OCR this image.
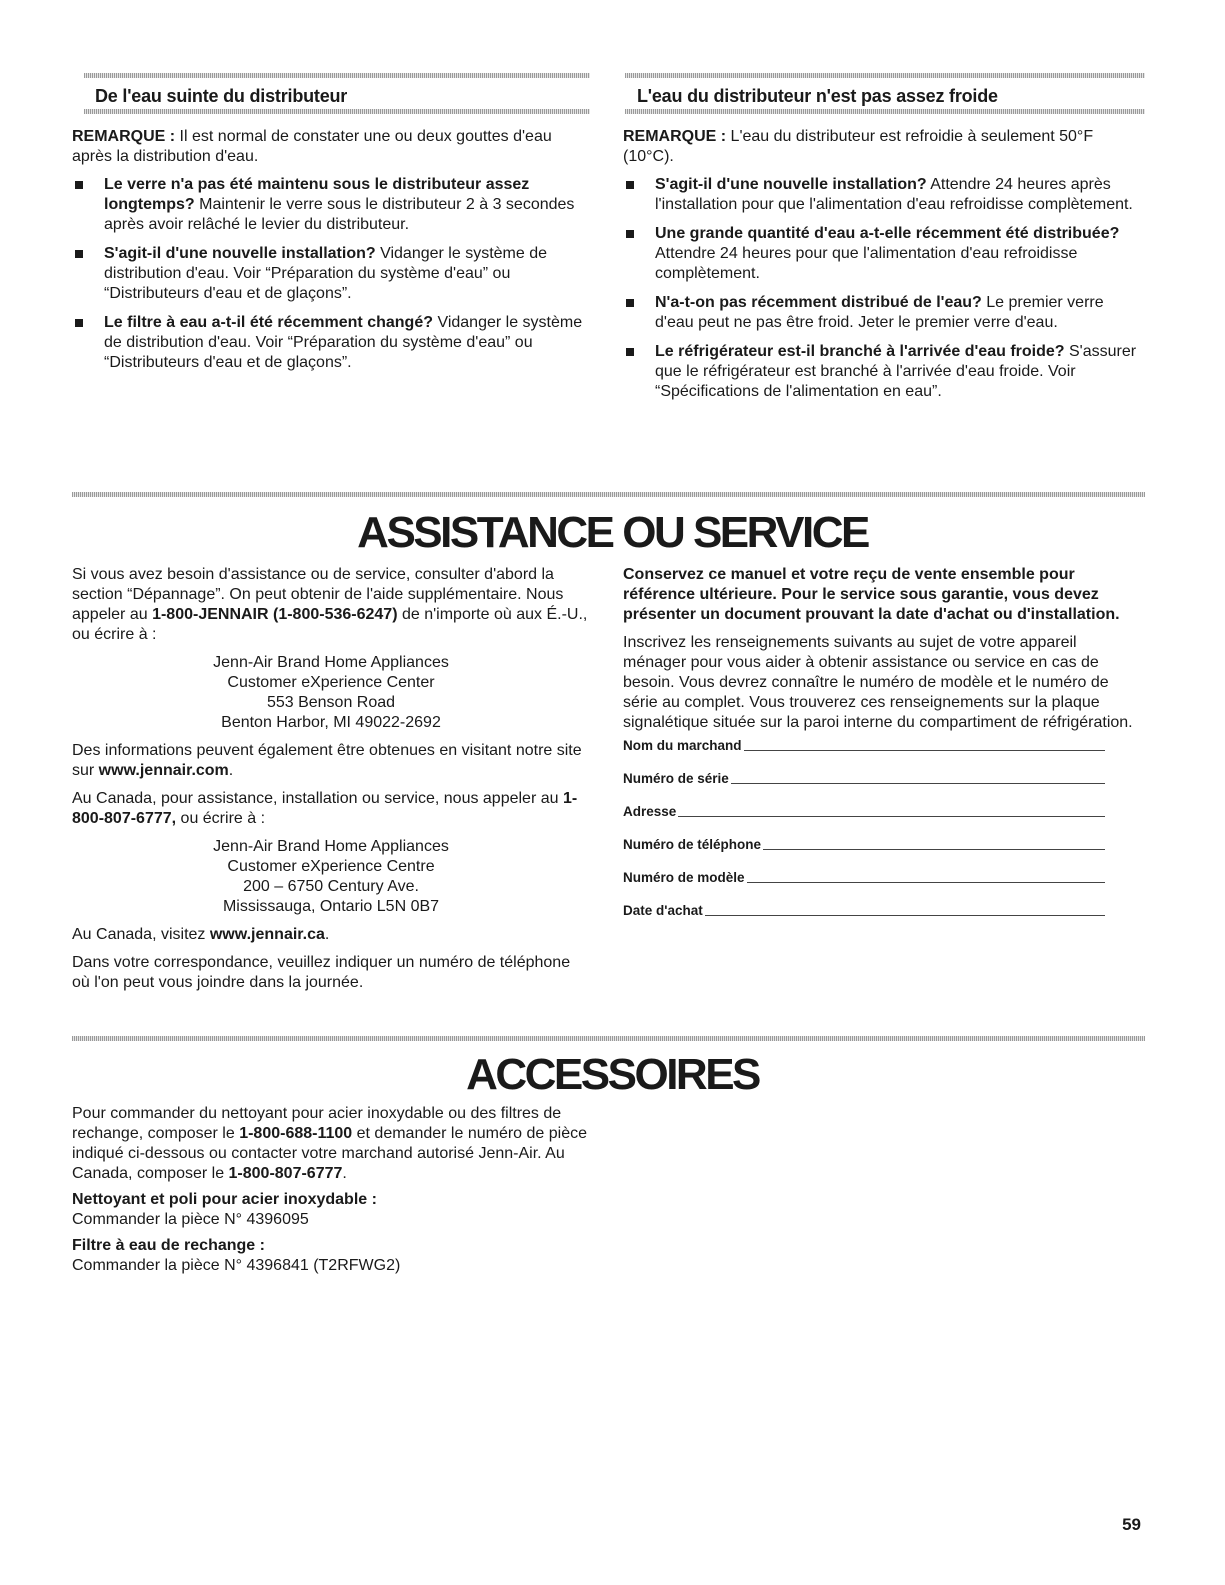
De l'eau suinte du distributeur	L'eau du distributeur n'est pas assez froide

REMARQUE : Il est normal de constater une ou deux gouttes d'eau après la distribution d'eau.

Le verre n'a pas été maintenu sous le distributeur assez longtemps? Maintenir le verre sous le distributeur 2 à 3 secondes après avoir relâché le levier du distributeur.
S'agit-il d'une nouvelle installation? Vidanger le système de distribution d'eau. Voir “Préparation du système d'eau” ou “Distributeurs d'eau et de glaçons”.
Le filtre à eau a-t-il été récemment changé? Vidanger le système de distribution d'eau. Voir “Préparation du système d'eau” ou “Distributeurs d'eau et de glaçons”.

REMARQUE : L'eau du distributeur est refroidie à seulement 50°F (10°C).

S'agit-il d'une nouvelle installation? Attendre 24 heures après l'installation pour que l'alimentation d'eau refroidisse complètement.
Une grande quantité d'eau a-t-elle récemment été distribuée? Attendre 24 heures pour que l'alimentation d'eau refroidisse complètement.
N'a-t-on pas récemment distribué de l'eau? Le premier verre d'eau peut ne pas être froid. Jeter le premier verre d'eau.
Le réfrigérateur est-il branché à l'arrivée d'eau froide? S'assurer que le réfrigérateur est branché à l'arrivée d'eau froide. Voir “Spécifications de l'alimentation en eau”.
ASSISTANCE OU SERVICE

Si vous avez besoin d'assistance ou de service, consulter d'abord la section “Dépannage”. On peut obtenir de l'aide supplémentaire. Nous appeler au 1-800-JENNAIR (1-800-536-6247) de n'importe où aux É.-U., ou écrire à :

Jenn-Air Brand Home Appliances
Customer eXperience Center
553 Benson Road
Benton Harbor, MI 49022-2692

Des informations peuvent également être obtenues en visitant notre site sur www.jennair.com.

Au Canada, pour assistance, installation ou service, nous appeler au 1-800-807-6777, ou écrire à :

Jenn-Air Brand Home Appliances
Customer eXperience Centre
200 – 6750 Century Ave.
Mississauga, Ontario L5N 0B7

Au Canada, visitez www.jennair.ca.

Dans votre correspondance, veuillez indiquer un numéro de téléphone où l'on peut vous joindre dans la journée.

Conservez ce manuel et votre reçu de vente ensemble pour référence ultérieure. Pour le service sous garantie, vous devez présenter un document prouvant la date d'achat ou d'installation.

Inscrivez les renseignements suivants au sujet de votre appareil ménager pour vous aider à obtenir assistance ou service en cas de besoin. Vous devrez connaître le numéro de modèle et le numéro de série au complet. Vous trouverez ces renseignements sur la plaque signalétique située sur la paroi interne du compartiment de réfrigération.

Nom du marchand
Numéro de série
Adresse
Numéro de téléphone
Numéro de modèle
Date d'achat
ACCESSOIRES

Pour commander du nettoyant pour acier inoxydable ou des filtres de rechange, composer le 1-800-688-1100 et demander le numéro de pièce indiqué ci-dessous ou contacter votre marchand autorisé Jenn-Air. Au Canada, composer le 1-800-807-6777.

Nettoyant et poli pour acier inoxydable :
Commander la pièce N° 4396095
Filtre à eau de rechange :
Commander la pièce N° 4396841 (T2RFWG2)
59
